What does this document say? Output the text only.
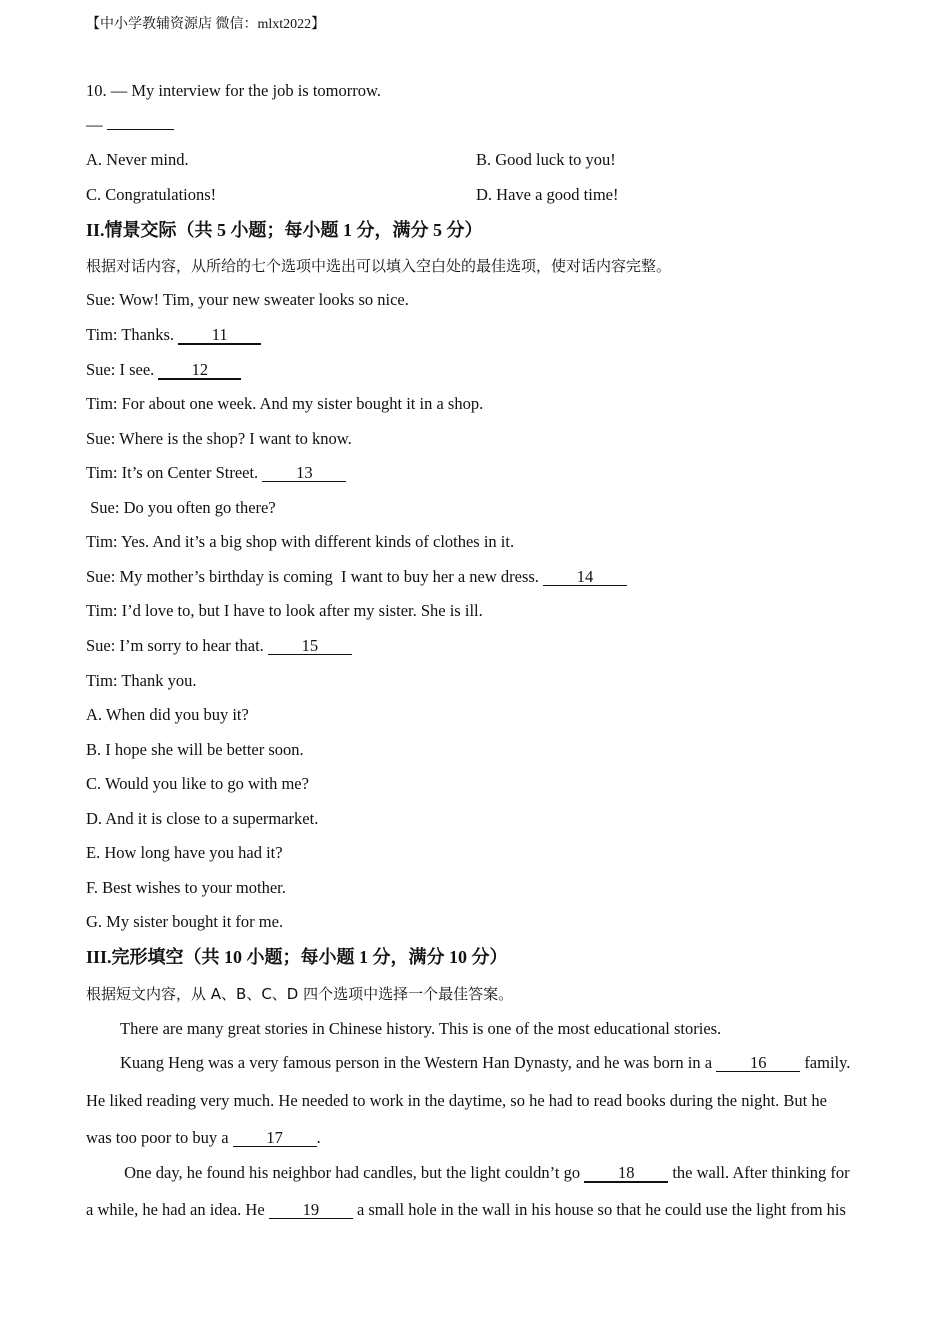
【中小学教辅资源店 微信：mlxt2022】
10. — My interview for the job is tomorrow.
—
A. Never mind.	B. Good luck to you!
C. Congratulations!	D. Have a good time!
II.情景交际（共 5 小题；每小题 1 分，满分 5 分）
根据对话内容，从所给的七个选项中选出可以填入空白处的最佳选项，使对话内容完整。
Sue: Wow! Tim, your new sweater looks so nice.
Tim: Thanks. 11
Sue: I see. 12
Tim: For about one week. And my sister bought it in a shop.
Sue: Where is the shop? I want to know.
Tim: It’s on Center Street. 13
Sue: Do you often go there?
Tim: Yes. And it’s a big shop with different kinds of clothes in it.
Sue: My mother’s birthday is coming  I want to buy her a new dress. 14
Tim: I’d love to, but I have to look after my sister. She is ill.
Sue: I’m sorry to hear that. 15
Tim: Thank you.
A. When did you buy it?
B. I hope she will be better soon.
C. Would you like to go with me?
D. And it is close to a supermarket.
E. How long have you had it?
F. Best wishes to your mother.
G. My sister bought it for me.
III.完形填空（共 10 小题；每小题 1 分，满分 10 分）
根据短文内容，从 A、B、C、D 四个选项中选择一个最佳答案。
There are many great stories in Chinese history. This is one of the most educational stories.
Kuang Heng was a very famous person in the Western Han Dynasty, and he was born in a 16 family.
He liked reading very much. He needed to work in the daytime, so he had to read books during the night. But he
was too poor to buy a 17 .
One day, he found his neighbor had candles, but the light couldn’t go 18 the wall. After thinking for
a while, he had an idea. He 19 a small hole in the wall in his house so that he could use the light from his
